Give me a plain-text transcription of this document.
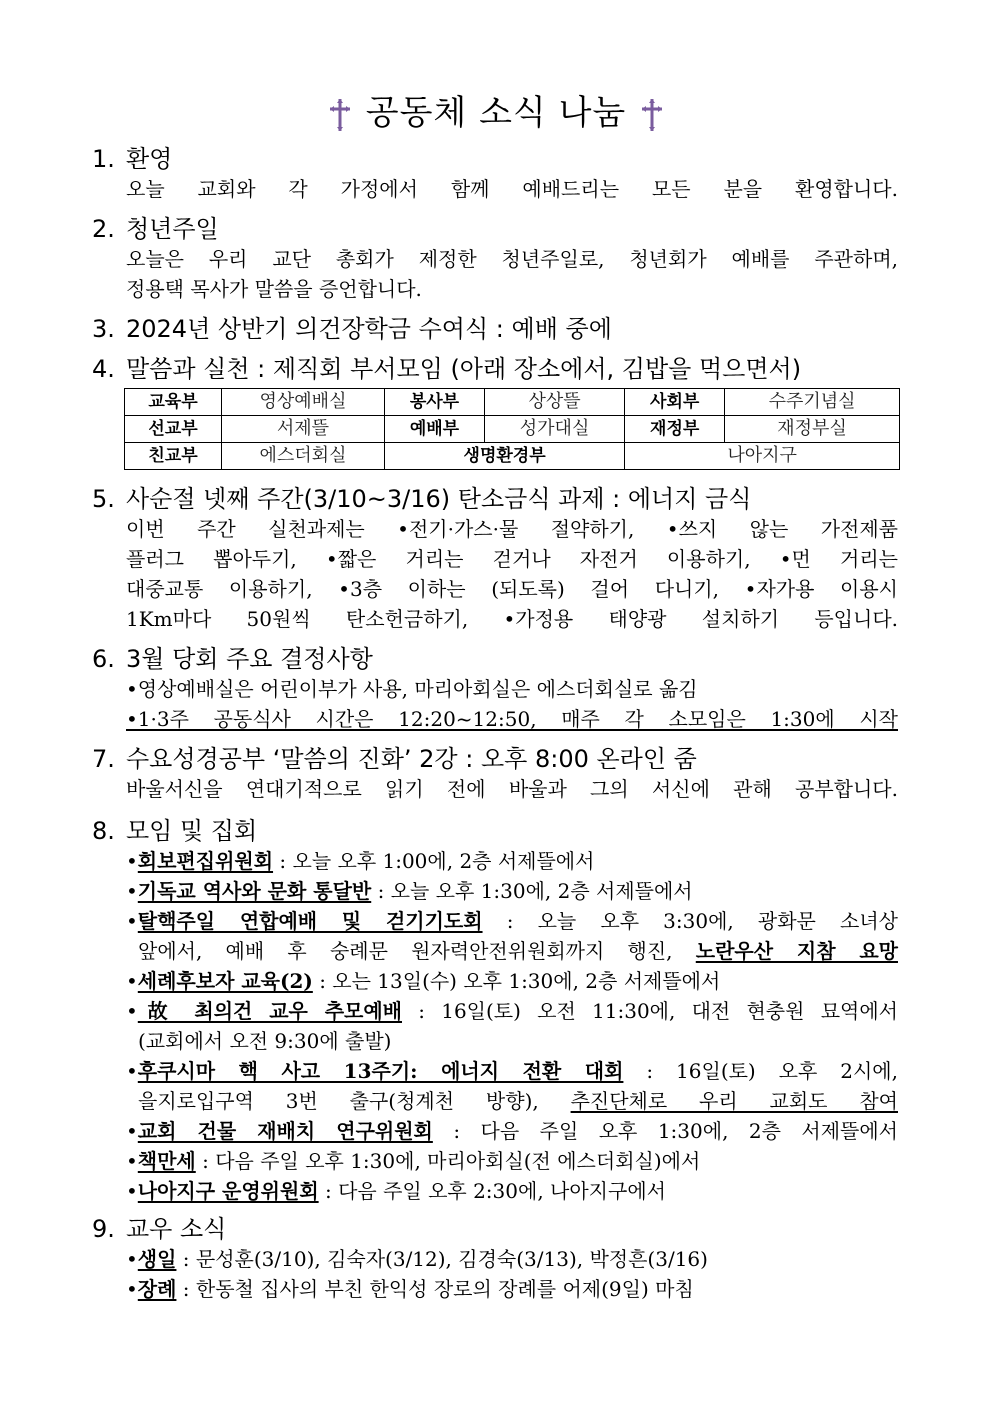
공동체 소식 나눔
1. 환영
오늘 교회와 각 가정에서 함께 예배드리는 모든 분을 환영합니다.
2. 청년주일
오늘은 우리 교단 총회가 제정한 청년주일로, 청년회가 예배를 주관하며,
정용택 목사가 말씀을 증언합니다.
3. 2024년 상반기 의건장학금 수여식 : 예배 중에
4. 말씀과 실천 : 제직회 부서모임 (아래 장소에서, 김밥을 먹으면서)
교육부	영상예배실	봉사부	상상뜰	사회부	수주기념실
선교부	서제뜰	예배부	성가대실	재정부	재정부실
친교부	에스더회실	생명환경부		나아지구	
5. 사순절 넷째 주간(3/10~3/16) 탄소금식 과제 : 에너지 금식
이번 주간 실천과제는 •전기·가스·물 절약하기, •쓰지 않는 가전제품
플러그 뽑아두기, •짧은 거리는 걷거나 자전거 이용하기, •먼 거리는
대중교통 이용하기, •3층 이하는 (되도록) 걸어 다니기, •자가용 이용시
1Km마다 50원씩 탄소헌금하기, •가정용 태양광 설치하기 등입니다.
6. 3월 당회 주요 결정사항
•영상예배실은 어린이부가 사용, 마리아회실은 에스더회실로 옮김
•1·3주 공동식사 시간은 12:20~12:50, 매주 각 소모임은 1:30에 시작
7. 수요성경공부 ‘말씀의 진화’ 2강 : 오후 8:00 온라인 줌
바울서신을 연대기적으로 읽기 전에 바울과 그의 서신에 관해 공부합니다.
8. 모임 및 집회
•회보편집위원회 : 오늘 오후 1:00에, 2층 서제뜰에서
•기독교 역사와 문화 통달반 : 오늘 오후 1:30에, 2층 서제뜰에서
•탈핵주일 연합예배 및 걷기기도회 : 오늘 오후 3:30에, 광화문 소녀상
앞에서, 예배 후 숭례문 원자력안전위원회까지 행진, 노란우산 지참 요망
•세례후보자 교육(2) : 오는 13일(수) 오후 1:30에, 2층 서제뜰에서
•故 최의건 교우 추모예배 : 16일(토) 오전 11:30에, 대전 현충원 묘역에서
(교회에서 오전 9:30에 출발)
•후쿠시마 핵 사고 13주기: 에너지 전환 대회 : 16일(토) 오후 2시에,
을지로입구역 3번 출구(청계천 방향), 추진단체로 우리 교회도 참여
•교회 건물 재배치 연구위원회 : 다음 주일 오후 1:30에, 2층 서제뜰에서
•책만세 : 다음 주일 오후 1:30에, 마리아회실(전 에스더회실)에서
•나아지구 운영위원회 : 다음 주일 오후 2:30에, 나아지구에서
9. 교우 소식
•생일 : 문성훈(3/10), 김숙자(3/12), 김경숙(3/13), 박정흔(3/16)
•장례 : 한동철 집사의 부친 한익성 장로의 장례를 어제(9일) 마침
